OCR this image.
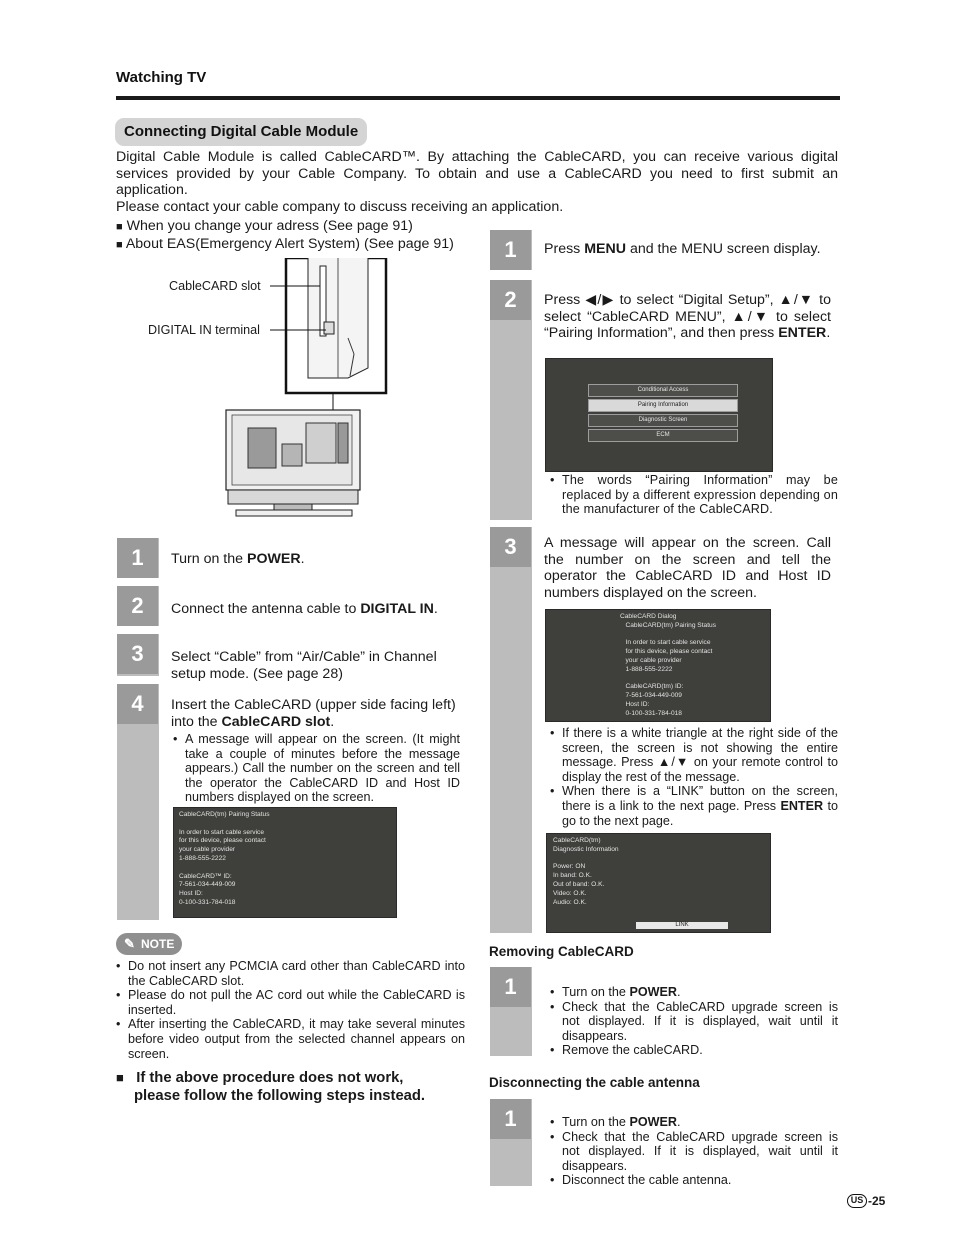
Watching TV
Connecting Digital Cable Module
Digital Cable Module is called CableCARD™. By attaching the CableCARD, you can receive various digital services provided by your Cable Company. To obtain and use a CableCARD you need to first submit an application.
Please contact your cable company to discuss receiving an application.
■ When you change your adress (See page 91)
■ About EAS(Emergency Alert System) (See page 91)
CableCARD slot
DIGITAL IN terminal
1	Turn on the POWER.
2	Connect the antenna cable to DIGITAL IN.
3	Select “Cable” from “Air/Cable” in Channel setup mode. (See page 28)
4	Insert the CableCARD (upper side facing left) into the CableCARD slot.
• A message will appear on the screen. (It might take a couple of minutes before the message appears.) Call the number on the screen and tell the operator the CableCARD ID and Host ID numbers displayed on the screen.
CableCARD(tm) Pairing Status
In order to start cable service
for this device, please contact
your cable provider
1-888-555-2222
CableCARD™ ID:
7-561-034-449-009
Host ID:
0-100-331-784-018
✎ NOTE
• Do not insert any PCMCIA card other than CableCARD into the CableCARD slot.
• Please do not pull the AC cord out while the CableCARD is inserted.
• After inserting the CableCARD, it may take several minutes before video output from the selected channel appears on screen.
■ If the above procedure does not work,
please follow the following steps instead.
1	Press MENU and the MENU screen display.
2	Press ◀/▶ to select “Digital Setup”, ▲/▼ to select “CableCARD MENU”, ▲/▼ to select “Pairing Information”, and then press ENTER.
Conditional Access
Pairing Information
Diagnostic Screen
ECM
• The words “Pairing Information” may be replaced by a different expression depending on the manufacturer of the CableCARD.
3	A message will appear on the screen. Call the number on the screen and tell the operator the CableCARD ID and Host ID numbers displayed on the screen.
CableCARD Dialog
CableCARD(tm) Pairing Status
In order to start cable service
for this device, please contact
your cable provider
1-888-555-2222
CableCARD(tm) ID:
7-561-034-449-009
Host ID:
0-100-331-784-018
• If there is a white triangle at the right side of the screen, the screen is not showing the entire message. Press ▲/▼ on your remote control to display the rest of the message.
• When there is a “LINK” button on the screen, there is a link to the next page. Press ENTER to go to the next page.
CableCARD(tm)
Diagnostic Information
Power: ON
In band: O.K.
Out of band: O.K.
Video: O.K.
Audio: O.K.
LINK
Removing CableCARD
1	• Turn on the POWER.
• Check that the CableCARD upgrade screen is not displayed. If it is displayed, wait until it disappears.
• Remove the cableCARD.
Disconnecting the cable antenna
1	• Turn on the POWER.
• Check that the CableCARD upgrade screen is not displayed. If it is displayed, wait until it disappears.
• Disconnect the cable antenna.
US -25
